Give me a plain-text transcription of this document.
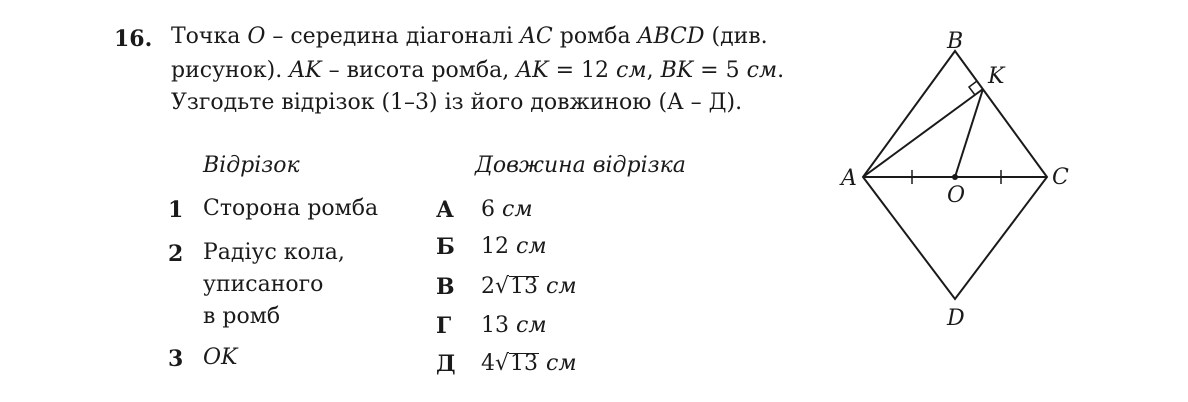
16. Точка O – середина діагоналі AC ромба ABCD (див.
рисунок). AK – висота ромба, AK = 12 см, BK = 5 см.
Узгодьте відрізок (1–3) із його довжиною (А – Д).
Відрізок	Довжина відрізка
1 Сторона ромба
2 Радіус кола,
уписаного
в ромб
3 OK
А 6 см
Б 12 см
В 2√13 см
Г 13 см
Д 4√13 см
B
K
A	C
O
D
